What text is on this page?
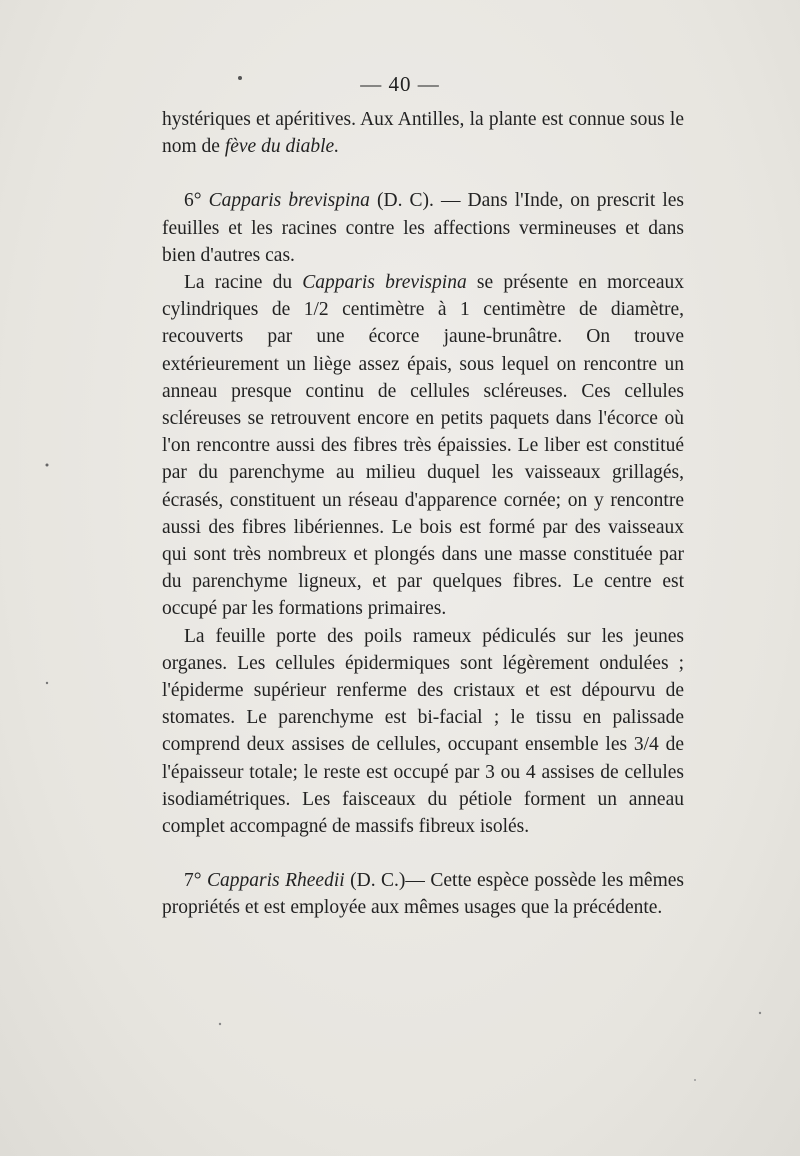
— 40 —

hystériques et apéritives. Aux Antilles, la plante est connue sous le nom de fève du diable.

6° Capparis brevispina (D. C). — Dans l'Inde, on prescrit les feuilles et les racines contre les affections vermineuses et dans bien d'autres cas.

La racine du Capparis brevispina se présente en morceaux cylindriques de 1/2 centimètre à 1 centimètre de diamètre, recouverts par une écorce jaune-brunâtre. On trouve extérieurement un liège assez épais, sous lequel on rencontre un anneau presque continu de cellules scléreuses. Ces cellules scléreuses se retrouvent encore en petits paquets dans l'écorce où l'on rencontre aussi des fibres très épaissies. Le liber est constitué par du parenchyme au milieu duquel les vaisseaux grillagés, écrasés, constituent un réseau d'apparence cornée; on y rencontre aussi des fibres libériennes. Le bois est formé par des vaisseaux qui sont très nombreux et plongés dans une masse constituée par du parenchyme ligneux, et par quelques fibres. Le centre est occupé par les formations primaires.

La feuille porte des poils rameux pédiculés sur les jeunes organes. Les cellules épidermiques sont légèrement ondulées ; l'épiderme supérieur renferme des cristaux et est dépourvu de stomates. Le parenchyme est bi-facial ; le tissu en palissade comprend deux assises de cellules, occupant ensemble les 3/4 de l'épaisseur totale; le reste est occupé par 3 ou 4 assises de cellules isodiamétriques. Les faisceaux du pétiole forment un anneau complet accompagné de massifs fibreux isolés.

7° Capparis Rheedii (D. C.)— Cette espèce possède les mêmes propriétés et est employée aux mêmes usages que la précédente.
